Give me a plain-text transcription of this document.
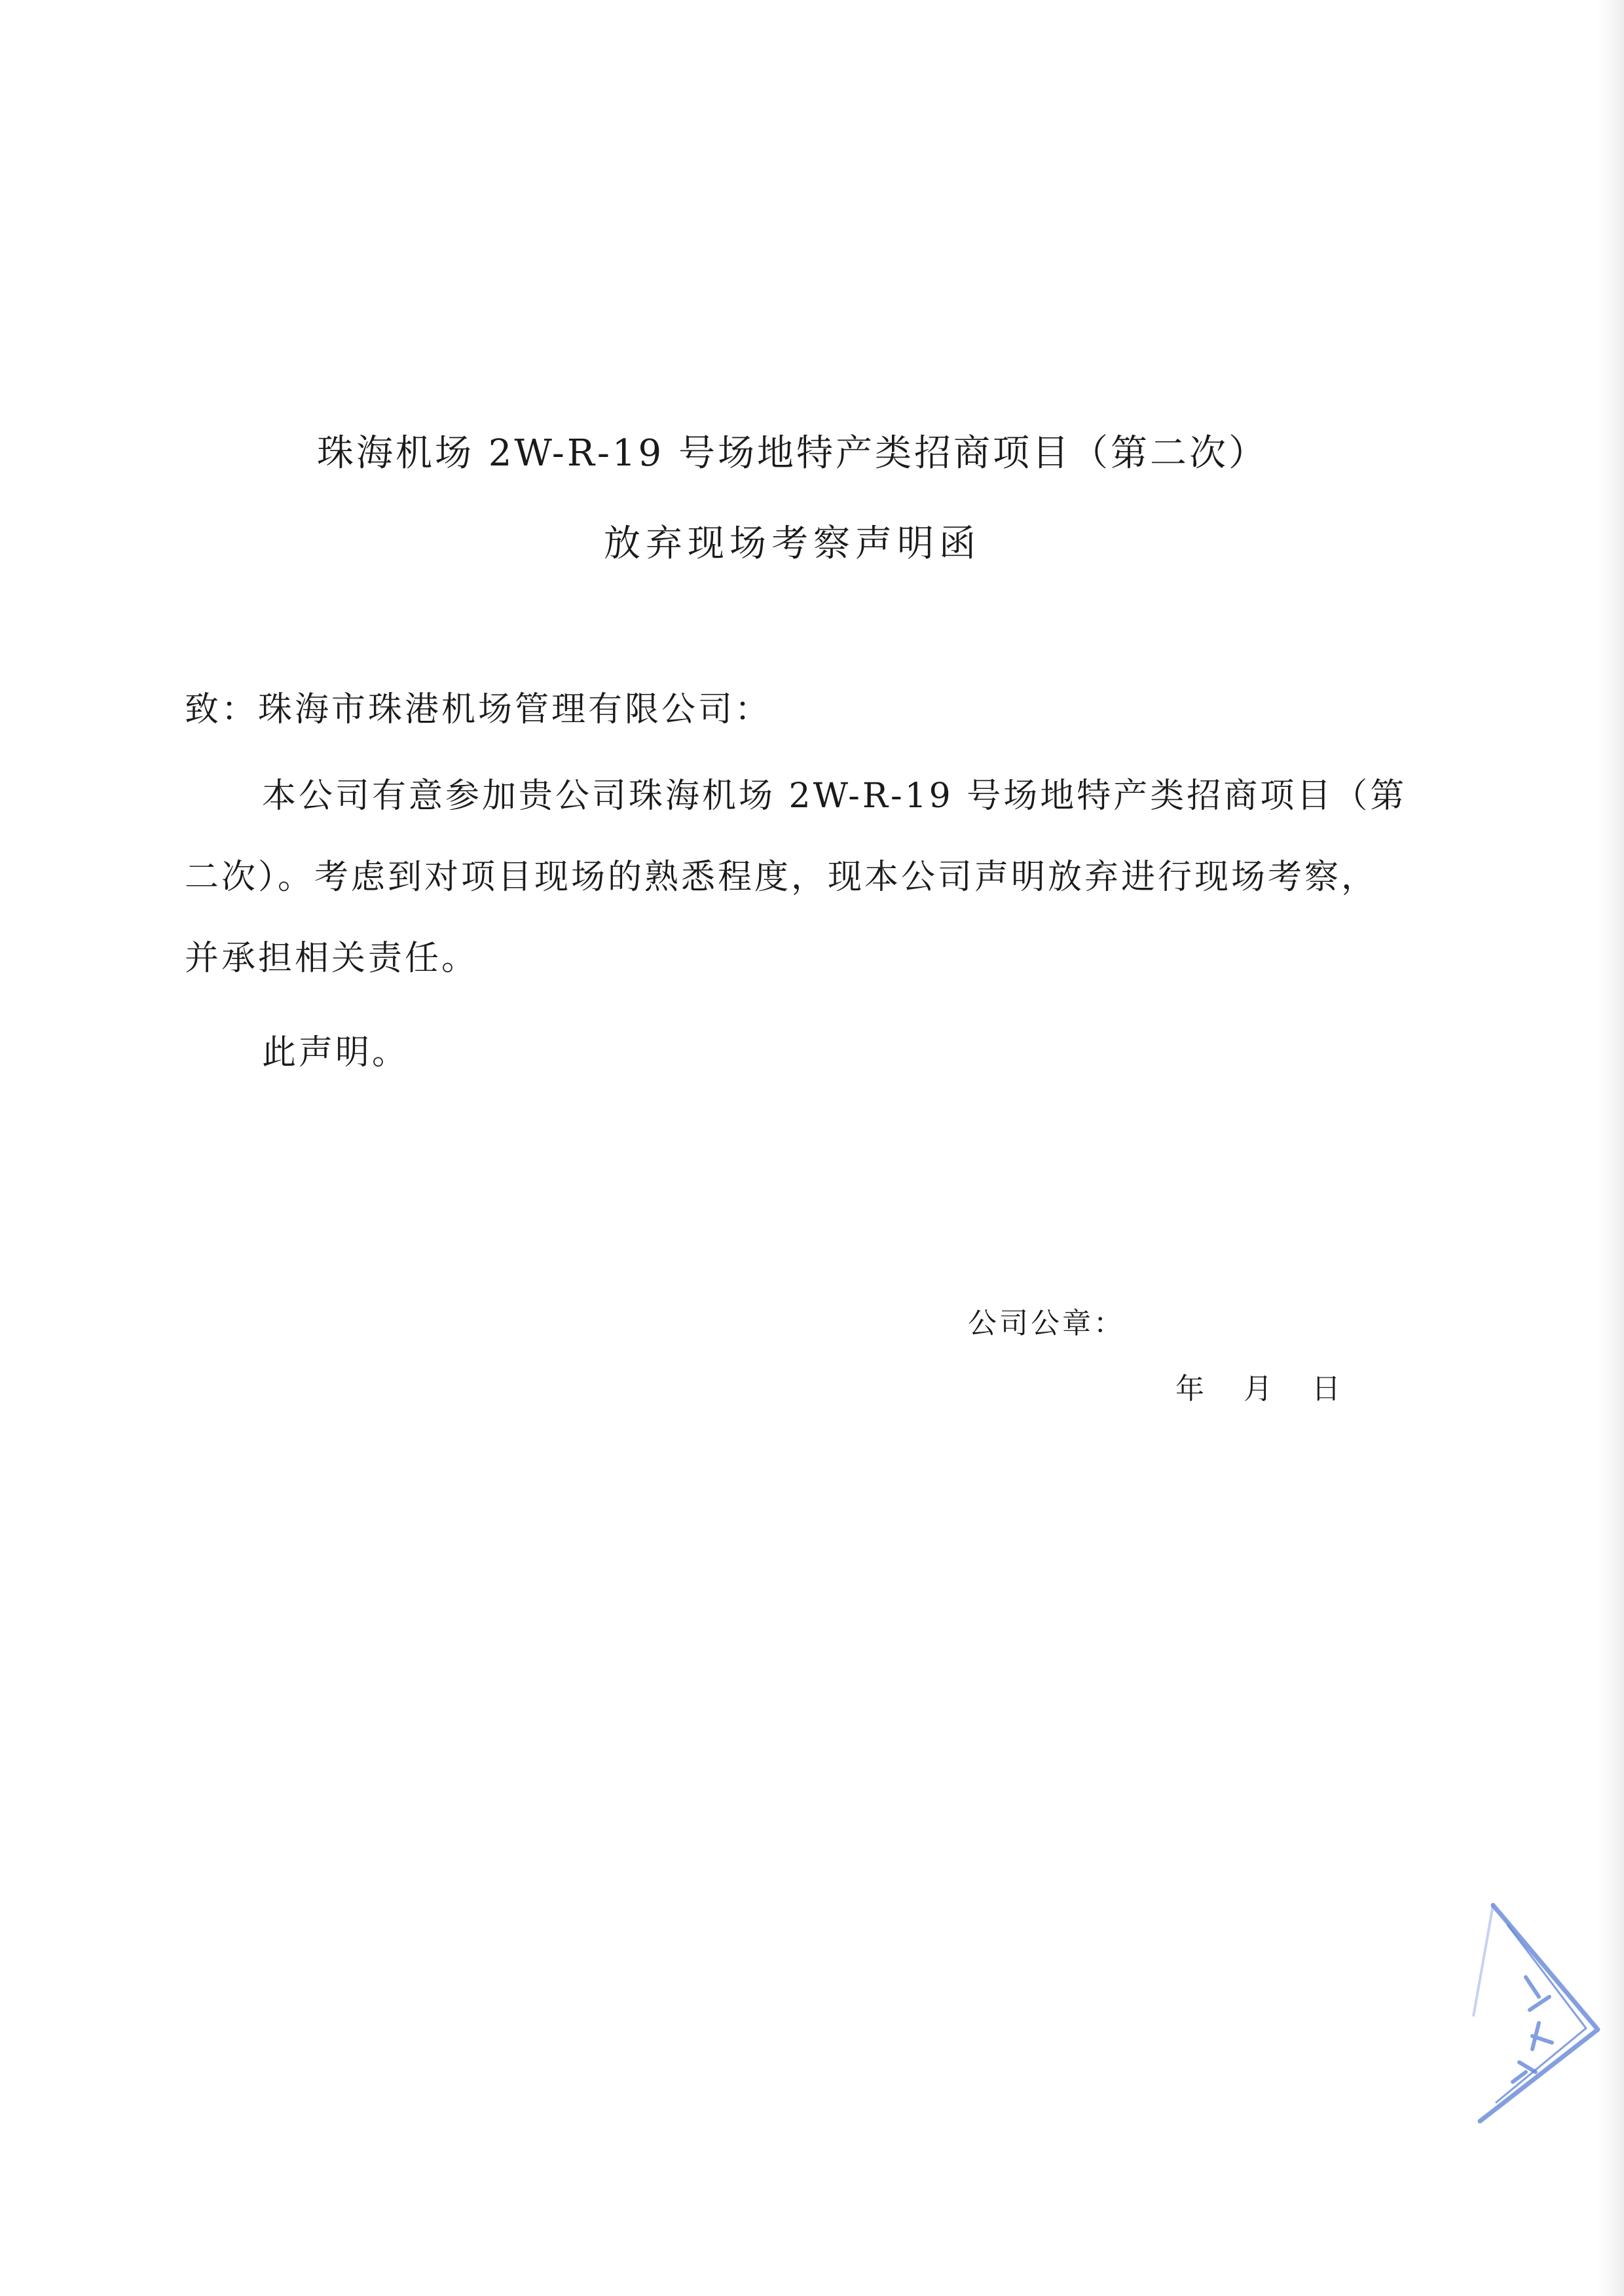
珠海机场 2W-R-19 号场地特产类招商项目（第二次）
放弃现场考察声明函
致：珠海市珠港机场管理有限公司：
本公司有意参加贵公司珠海机场 2W-R-19 号场地特产类招商项目（第
二次）。考虑到对项目现场的熟悉程度，现本公司声明放弃进行现场考察，
并承担相关责任。
此声明。
公司公章：
年 月 日
